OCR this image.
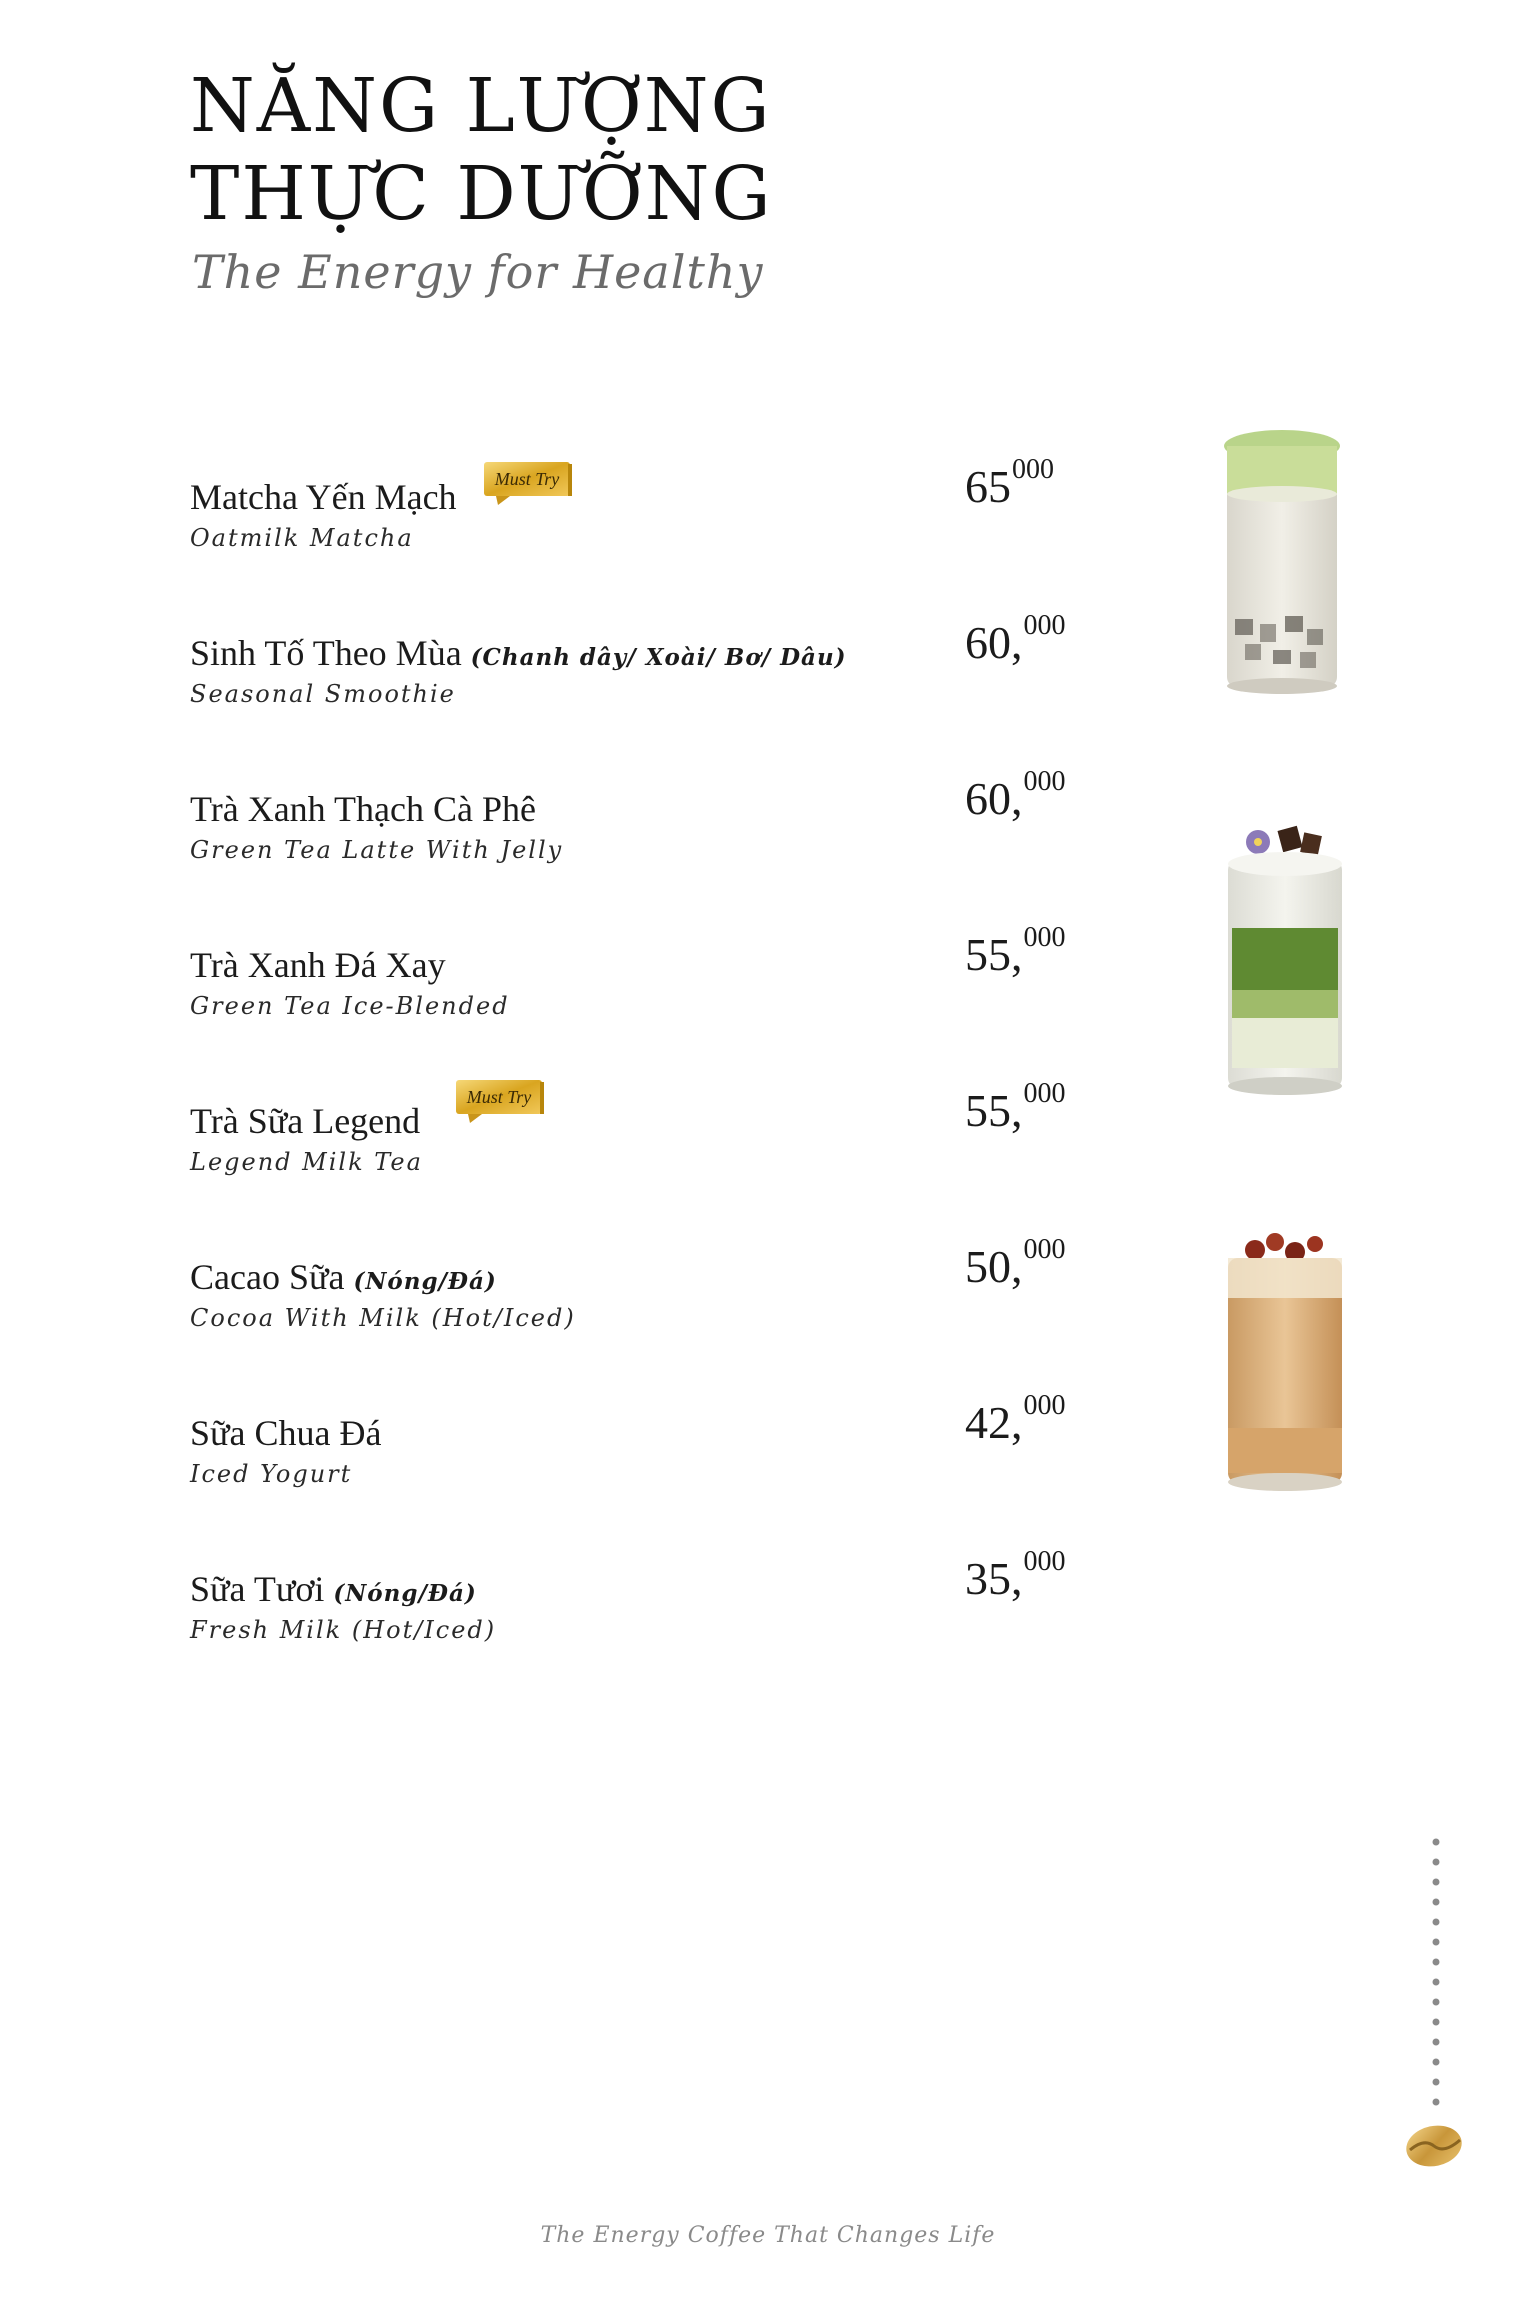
NĂNG LƯỢNG
THỰC DƯỠNG
The Energy for Healthy
Matcha Yến Mạch
Oatmilk Matcha
Sinh Tố Theo Mùa (Chanh dây/ Xoài/ Bơ/ Dâu)
Seasonal Smoothie
Trà Xanh Thạch Cà Phê
Green Tea Latte With Jelly
Trà Xanh Đá Xay
Green Tea Ice-Blended
Trà Sữa Legend
Legend Milk Tea
Cacao Sữa (Nóng/Đá)
Cocoa With Milk (Hot/Iced)
Sữa Chua Đá
Iced Yogurt
Sữa Tươi (Nóng/Đá)
Fresh Milk (Hot/Iced)
Must Try
Must Try
$65^{000}$
60,$^{000}$
60,$^{000}$
55,$^{000}$
55,$^{000}$
50,$^{000}$
42,$^{000}$
35,$^{000}$
The Energy Coffee That Changes Life
